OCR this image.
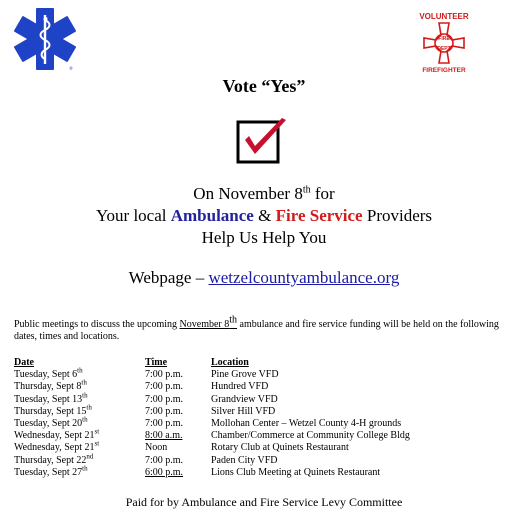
®
VOLUNTEER
FIRE
DEPT
FIREFIGHTER
Vote “Yes”
On November 8th for
Your local Ambulance & Fire Service Providers
Help Us Help You
Webpage – wetzelcountyambulance.org
Public meetings to discuss the upcoming November 8th ambulance and fire service funding will be held on the following dates, times and locations.
Date	Time	Location
Tuesday, Sept 6th	7:00 p.m.	Pine Grove VFD
Thursday, Sept 8th	7:00 p.m.	Hundred VFD
Tuesday, Sept 13th	7:00 p.m.	Grandview VFD
Thursday, Sept 15th	7:00 p.m.	Silver Hill VFD
Tuesday, Sept 20th	7:00 p.m.	Mollohan Center – Wetzel County 4-H grounds
Wednesday, Sept 21st	8:00 a.m.	Chamber/Commerce at Community College Bldg
Wednesday, Sept 21st	Noon	Rotary Club at Quinets Restaurant
Thursday, Sept 22nd	7:00 p.m.	Paden City VFD
Tuesday, Sept 27th	6:00 p.m.	Lions Club Meeting at Quinets Restaurant
Paid for by Ambulance and Fire Service Levy Committee
